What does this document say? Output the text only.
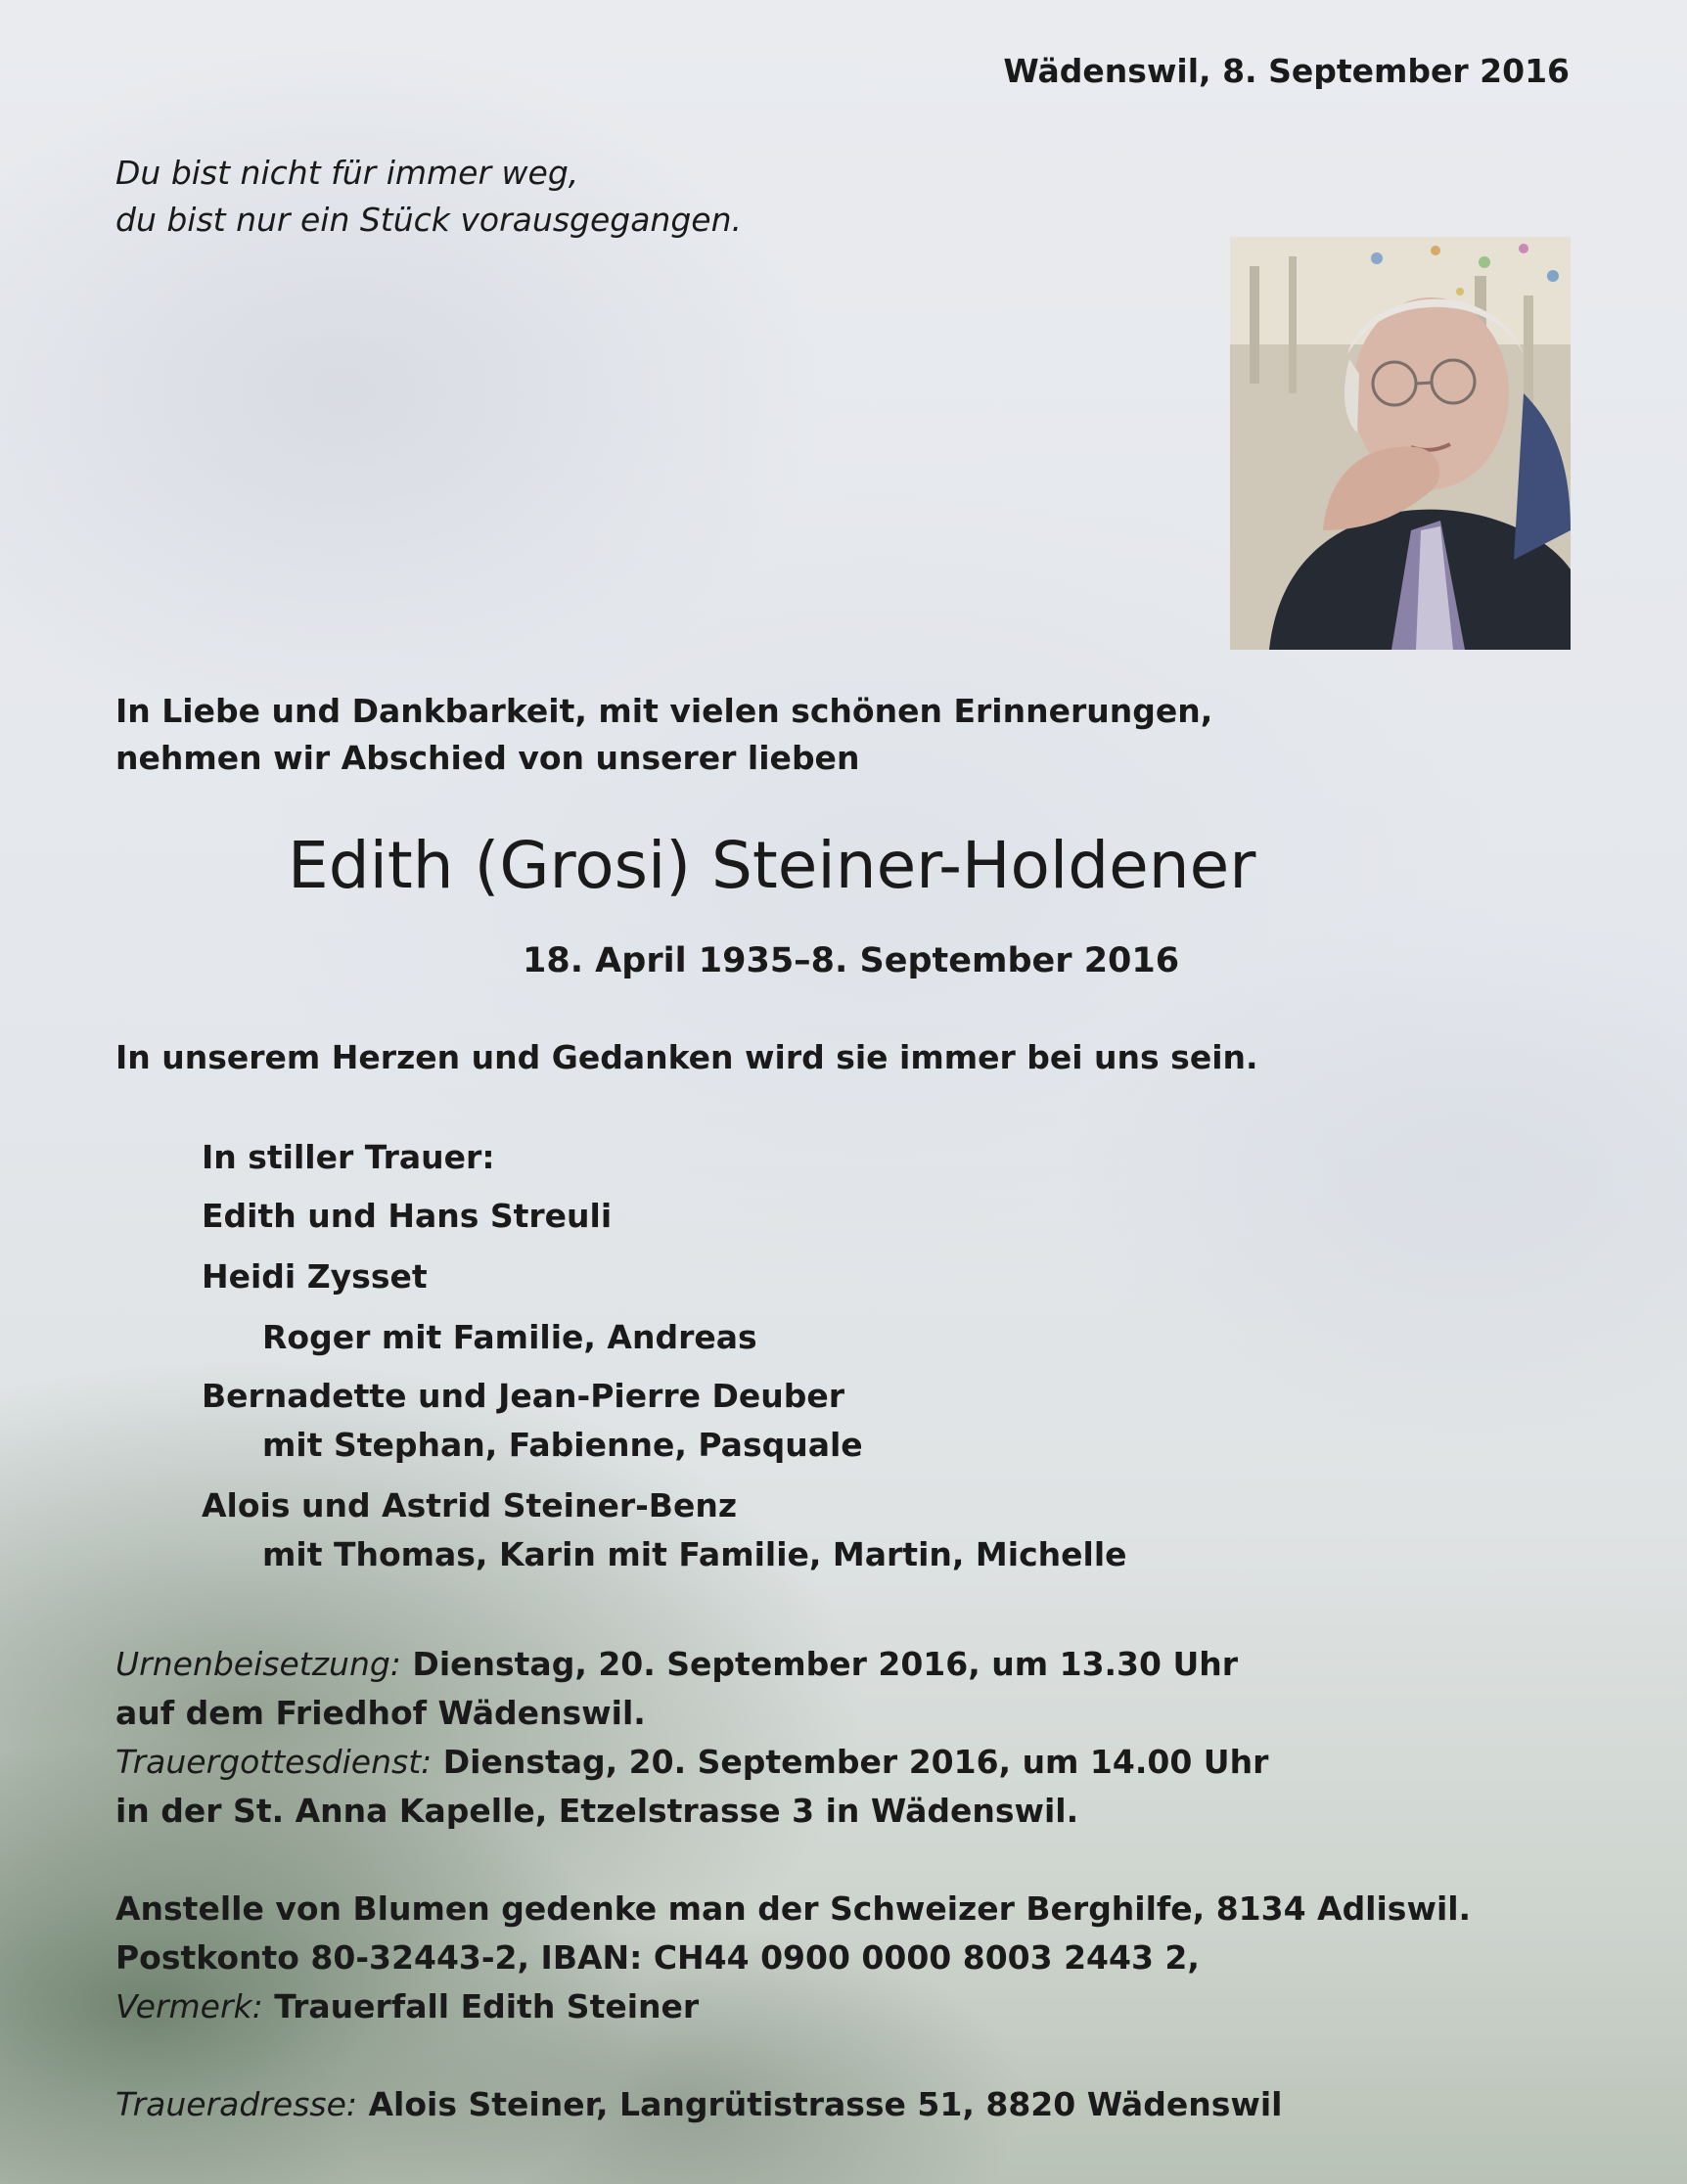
Wädenswil, 8. September 2016

Du bist nicht für immer weg,

du bist nur ein Stück vorausgegangen.

In Liebe und Dankbarkeit, mit vielen schönen Erinnerungen,

nehmen wir Abschied von unserer lieben

Edith (Grosi) Steiner-Holdener

18. April 1935–8. September 2016

In unserem Herzen und Gedanken wird sie immer bei uns sein.

In stiller Trauer:

Edith und Hans Streuli

Heidi Zysset

Roger mit Familie, Andreas

Bernadette und Jean-Pierre Deuber

mit Stephan, Fabienne, Pasquale

Alois und Astrid Steiner-Benz

mit Thomas, Karin mit Familie, Martin, Michelle

Urnenbeisetzung: Dienstag, 20. September 2016, um 13.30 Uhr

auf dem Friedhof Wädenswil.

Trauergottesdienst: Dienstag, 20. September 2016, um 14.00 Uhr

in der St. Anna Kapelle, Etzelstrasse 3 in Wädenswil.

Anstelle von Blumen gedenke man der Schweizer Berghilfe, 8134 Adliswil.

Postkonto 80-32443-2, IBAN: CH44 0900 0000 8003 2443 2,

Vermerk: Trauerfall Edith Steiner

Traueradresse: Alois Steiner, Langrütistrasse 51, 8820 Wädenswil
